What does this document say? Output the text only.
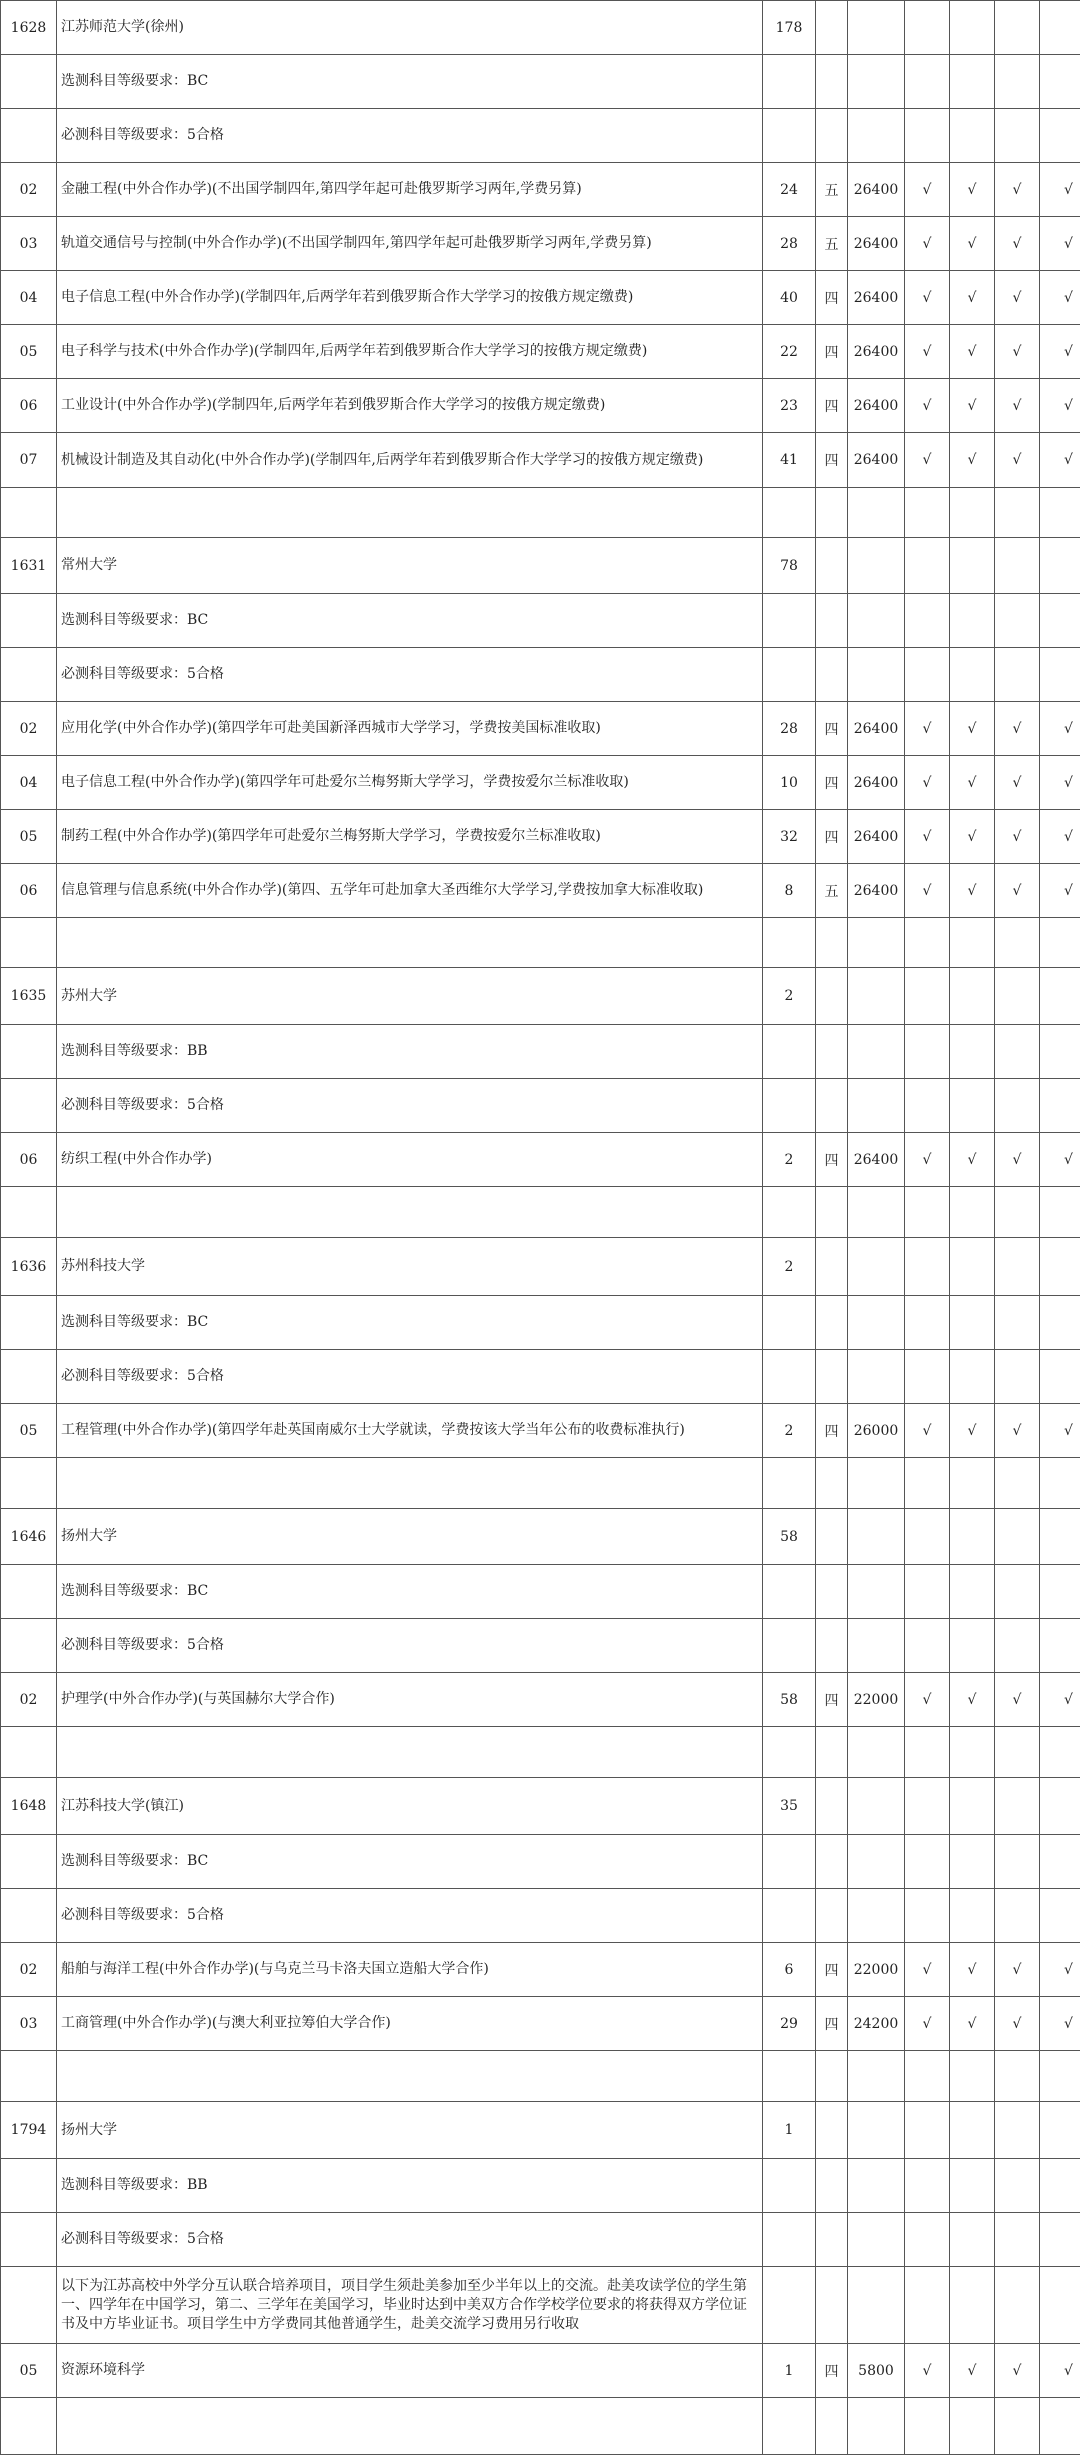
1628	江苏师范大学(徐州)	178						
	选测科目等级要求：BC							
	必测科目等级要求：5合格							
02	金融工程(中外合作办学)(不出国学制四年,第四学年起可赴俄罗斯学习两年,学费另算)	24	五	26400	√	√	√	√
03	轨道交通信号与控制(中外合作办学)(不出国学制四年,第四学年起可赴俄罗斯学习两年,学费另算)	28	五	26400	√	√	√	√
04	电子信息工程(中外合作办学)(学制四年,后两学年若到俄罗斯合作大学学习的按俄方规定缴费)	40	四	26400	√	√	√	√
05	电子科学与技术(中外合作办学)(学制四年,后两学年若到俄罗斯合作大学学习的按俄方规定缴费)	22	四	26400	√	√	√	√
06	工业设计(中外合作办学)(学制四年,后两学年若到俄罗斯合作大学学习的按俄方规定缴费)	23	四	26400	√	√	√	√
07	机械设计制造及其自动化(中外合作办学)(学制四年,后两学年若到俄罗斯合作大学学习的按俄方规定缴费)	41	四	26400	√	√	√	√

1631	常州大学	78						
	选测科目等级要求：BC							
	必测科目等级要求：5合格							
02	应用化学(中外合作办学)(第四学年可赴美国新泽西城市大学学习，学费按美国标准收取)	28	四	26400	√	√	√	√
04	电子信息工程(中外合作办学)(第四学年可赴爱尔兰梅努斯大学学习，学费按爱尔兰标准收取)	10	四	26400	√	√	√	√
05	制药工程(中外合作办学)(第四学年可赴爱尔兰梅努斯大学学习，学费按爱尔兰标准收取)	32	四	26400	√	√	√	√
06	信息管理与信息系统(中外合作办学)(第四、五学年可赴加拿大圣西维尔大学学习,学费按加拿大标准收取)	8	五	26400	√	√	√	√

1635	苏州大学	2						
	选测科目等级要求：BB							
	必测科目等级要求：5合格							
06	纺织工程(中外合作办学)	2	四	26400	√	√	√	√

1636	苏州科技大学	2						
	选测科目等级要求：BC							
	必测科目等级要求：5合格							
05	工程管理(中外合作办学)(第四学年赴英国南威尔士大学就读，学费按该大学当年公布的收费标准执行)	2	四	26000	√	√	√	√

1646	扬州大学	58						
	选测科目等级要求：BC							
	必测科目等级要求：5合格							
02	护理学(中外合作办学)(与英国赫尔大学合作)	58	四	22000	√	√	√	√

1648	江苏科技大学(镇江)	35						
	选测科目等级要求：BC							
	必测科目等级要求：5合格							
02	船舶与海洋工程(中外合作办学)(与乌克兰马卡洛夫国立造船大学合作)	6	四	22000	√	√	√	√
03	工商管理(中外合作办学)(与澳大利亚拉筹伯大学合作)	29	四	24200	√	√	√	√

1794	扬州大学	1						
	选测科目等级要求：BB							
	必测科目等级要求：5合格							
	以下为江苏高校中外学分互认联合培养项目，项目学生须赴美参加至少半年以上的交流。赴美攻读学位的学生第一、四学年在中国学习，第二、三学年在美国学习，毕业时达到中美双方合作学校学位要求的将获得双方学位证书及中方毕业证书。项目学生中方学费同其他普通学生，赴美交流学习费用另行收取							
05	资源环境科学	1	四	5800	√	√	√	√
